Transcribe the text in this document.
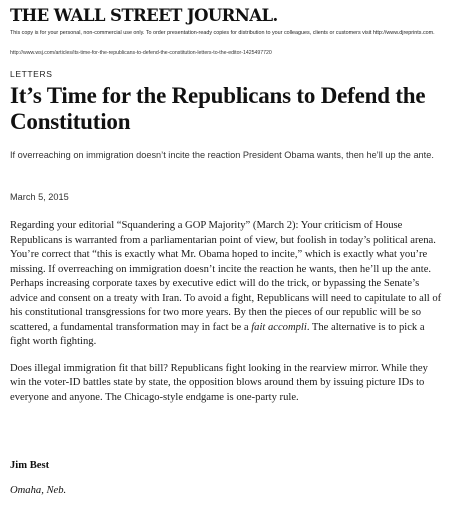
THE WALL STREET JOURNAL.
This copy is for your personal, non-commercial use only. To order presentation-ready copies for distribution to your colleagues, clients or customers visit http://www.djreprints.com.
http://www.wsj.com/articles/its-time-for-the-republicans-to-defend-the-constitution-letters-to-the-editor-1425497720
LETTERS
It’s Time for the Republicans to Defend the Constitution
If overreaching on immigration doesn’t incite the reaction President Obama wants, then he’ll up the ante.
March 5, 2015

Regarding your editorial “Squandering a GOP Majority” (March 2): Your criticism of House Republicans is warranted from a parliamentarian point of view, but foolish in today’s political arena. You’re correct that “this is exactly what Mr. Obama hoped to incite,” which is exactly what you’re missing. If overreaching on immigration doesn’t incite the reaction he wants, then he’ll up the ante. Perhaps increasing corporate taxes by executive edict will do the trick, or bypassing the Senate’s advice and consent on a treaty with Iran. To avoid a fight, Republicans will need to capitulate to all of his constitutional transgressions for two more years. By then the pieces of our republic will be so scattered, a fundamental transformation may in fact be a fait accompli. The alternative is to pick a fight worth fighting.

Does illegal immigration fit that bill? Republicans fight looking in the rearview mirror. While they win the voter-ID battles state by state, the opposition blows around them by issuing picture IDs to everyone and anyone. The Chicago-style endgame is one-party rule.

Jim Best
Omaha, Neb.
